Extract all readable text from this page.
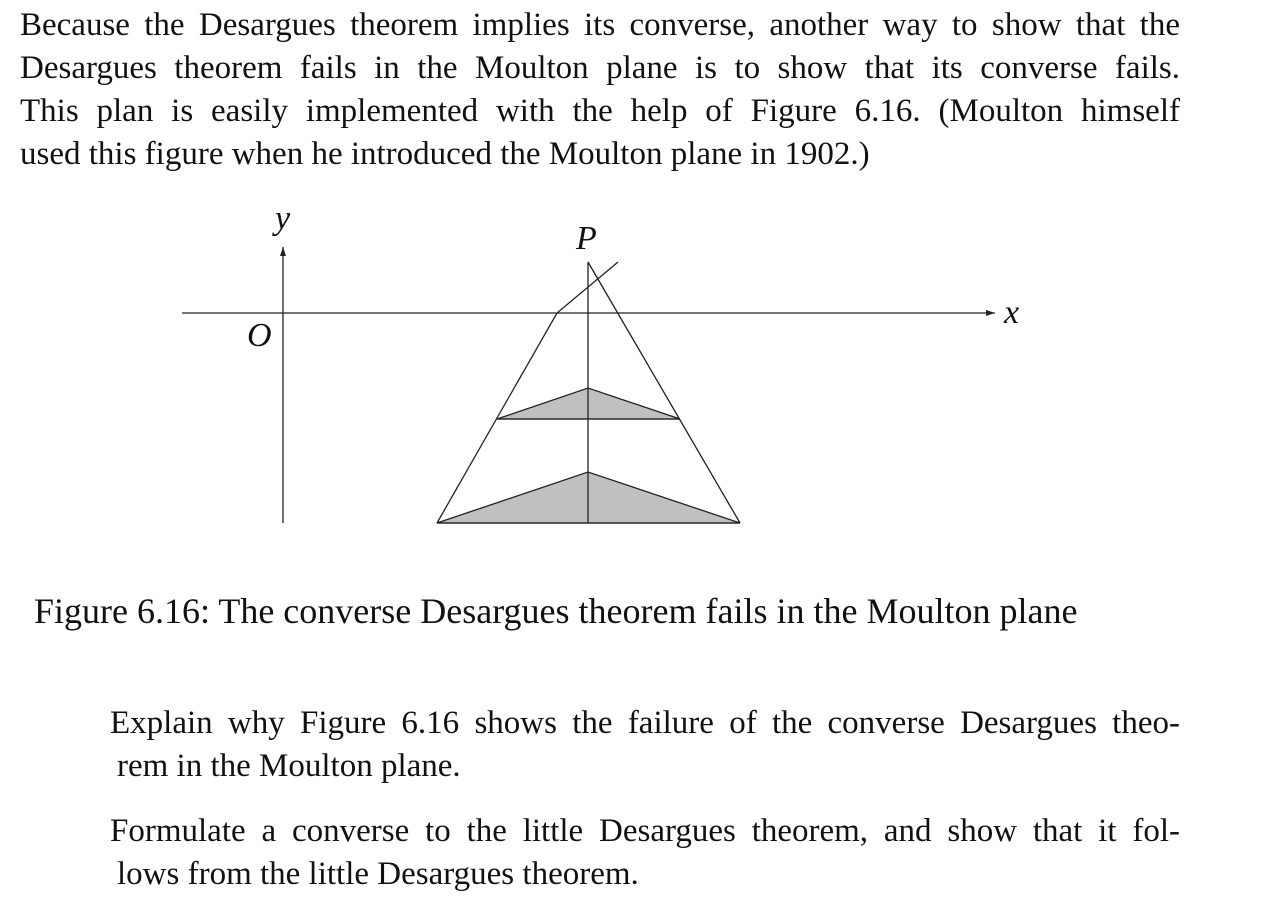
Because the Desargues theorem implies its converse, another way to show that the
Desargues theorem fails in the Moulton plane is to show that its converse fails.
This plan is easily implemented with the help of Figure 6.16. (Moulton himself
used this figure when he introduced the Moulton plane in 1902.)

y
x
O
P

Figure 6.16: The converse Desargues theorem fails in the Moulton plane

Explain why Figure 6.16 shows the failure of the converse Desargues theo-
rem in the Moulton plane.

Formulate a converse to the little Desargues theorem, and show that it fol-
lows from the little Desargues theorem.
